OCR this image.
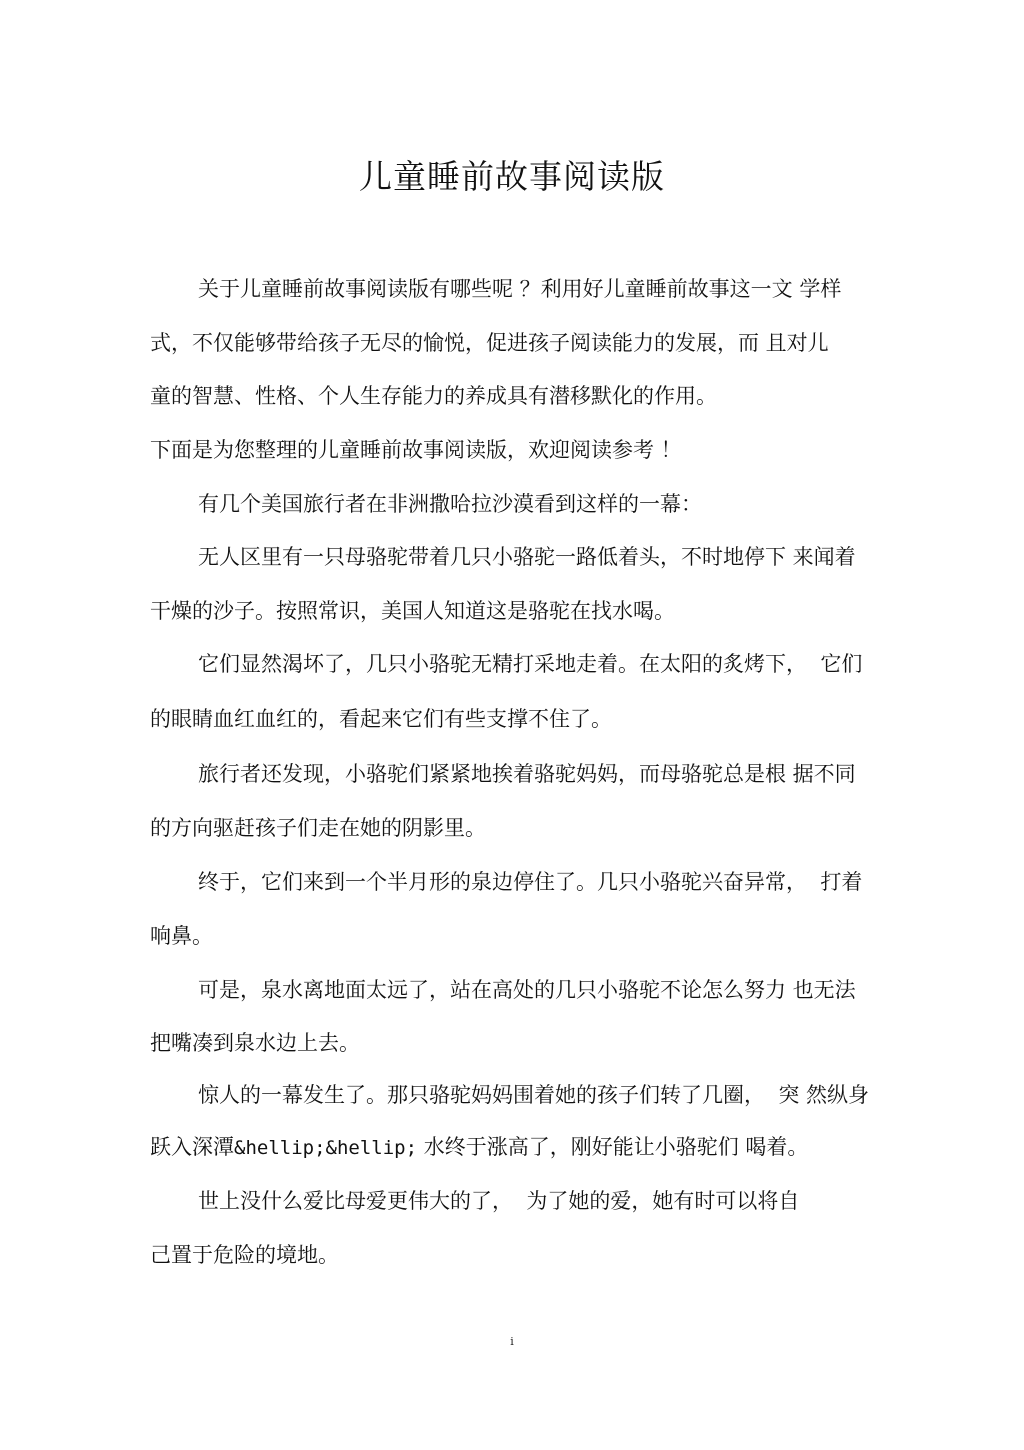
儿童睡前故事阅读版
关于儿童睡前故事阅读版有哪些呢 ？利用好儿童睡前故事这一文 学样
式，不仅能够带给孩子无尽的愉悦，促进孩子阅读能力的发展，而 且对儿
童的智慧、性格、个人生存能力的养成具有潜移默化的作用。
下面是为您整理的儿童睡前故事阅读版，欢迎阅读参考 ！
有几个美国旅行者在非洲撒哈拉沙漠看到这样的一幕：
无人区里有一只母骆驼带着几只小骆驼一路低着头，不时地停下 来闻着
干燥的沙子。按照常识，美国人知道这是骆驼在找水喝。
它们显然渴坏了，几只小骆驼无精打采地走着。在太阳的炙烤下，  它们
的眼睛血红血红的，看起来它们有些支撑不住了。
旅行者还发现，小骆驼们紧紧地挨着骆驼妈妈，而母骆驼总是根 据不同
的方向驱赶孩子们走在她的阴影里。
终于，它们来到一个半月形的泉边停住了。几只小骆驼兴奋异常，  打着
响鼻。
可是，泉水离地面太远了，站在高处的几只小骆驼不论怎么努力 也无法
把嘴凑到泉水边上去。
惊人的一幕发生了。那只骆驼妈妈围着她的孩子们转了几圈，  突 然纵身
跃入深潭&hellip;&hellip; 水终于涨高了，刚好能让小骆驼们 喝着。
世上没什么爱比母爱更伟大的了，  为了她的爱，她有时可以将自
己置于危险的境地。
i
